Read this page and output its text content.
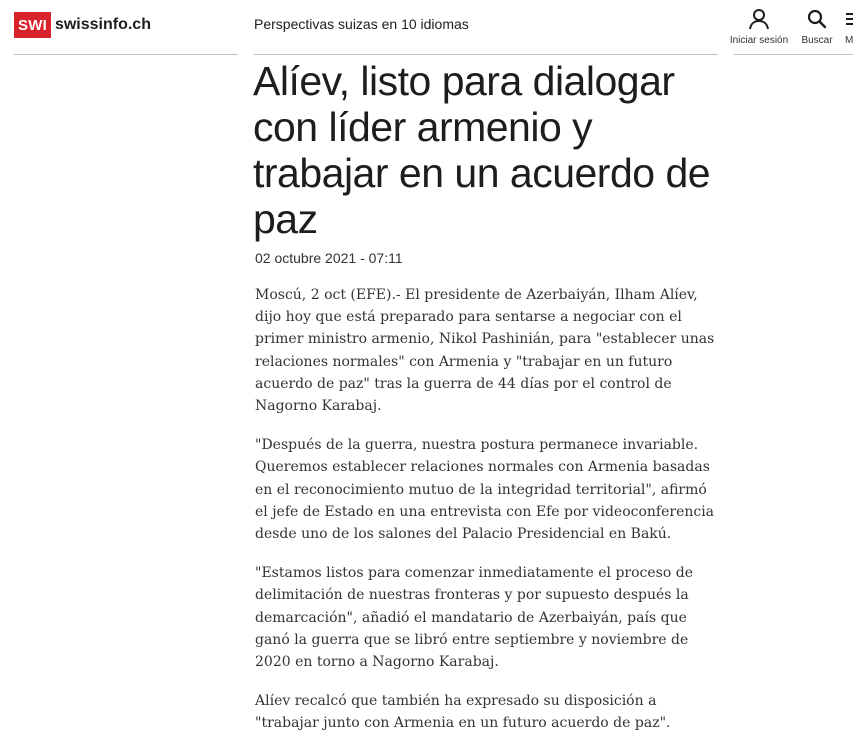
SWI swissinfo.ch	Perspectivas suizas en 10 idiomas
Iniciar sesión Buscar M
Alíev, listo para dialogar con líder armenio y trabajar en un acuerdo de paz
02 octubre 2021 - 07:11

Moscú, 2 oct (EFE).- El presidente de Azerbaiyán, Ilham Alíev, dijo hoy que está preparado para sentarse a negociar con el primer ministro armenio, Nikol Pashinián, para "establecer unas relaciones normales" con Armenia y "trabajar en un futuro acuerdo de paz" tras la guerra de 44 días por el control de Nagorno Karabaj.

"Después de la guerra, nuestra postura permanece invariable. Queremos establecer relaciones normales con Armenia basadas en el reconocimiento mutuo de la integridad territorial", afirmó el jefe de Estado en una entrevista con Efe por videoconferencia desde uno de los salones del Palacio Presidencial en Bakú.

"Estamos listos para comenzar inmediatamente el proceso de delimitación de nuestras fronteras y por supuesto después la demarcación", añadió el mandatario de Azerbaiyán, país que ganó la guerra que se libró entre septiembre y noviembre de 2020 en torno a Nagorno Karabaj.

Alíev recalcó que también ha expresado su disposición a "trabajar junto con Armenia en un futuro acuerdo de paz".
